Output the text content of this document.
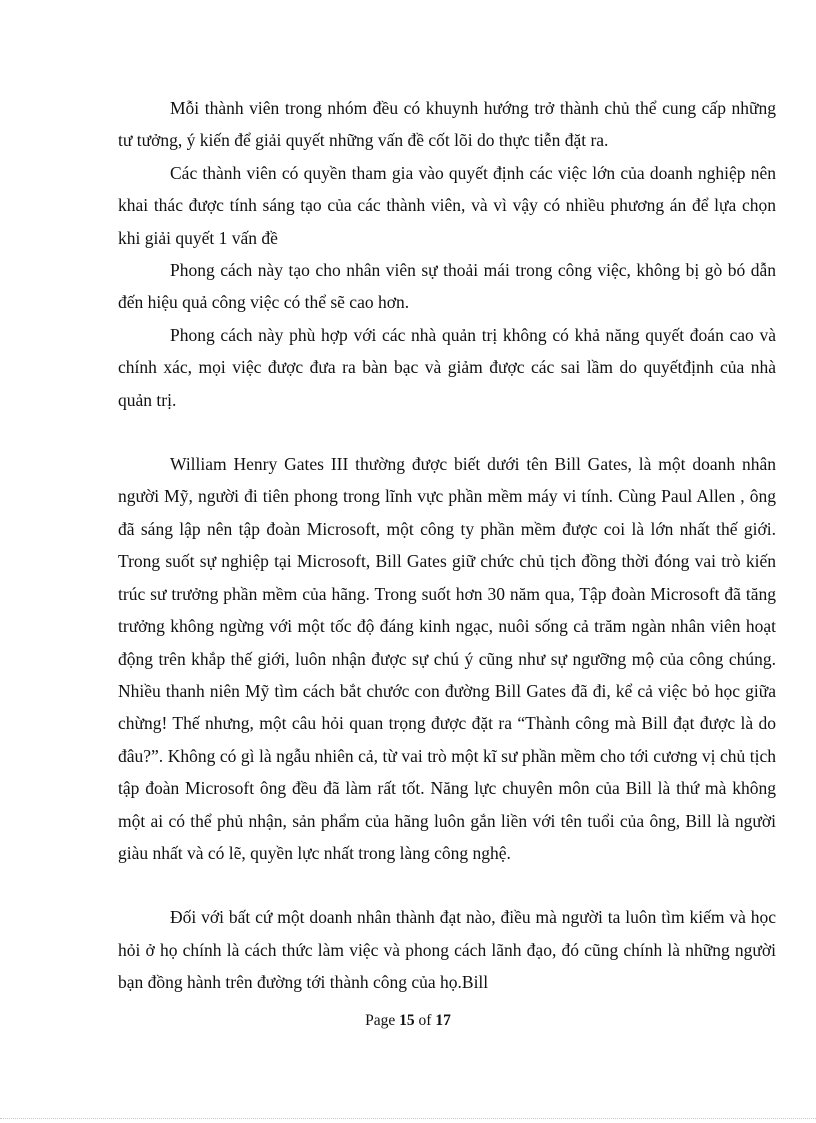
Mỗi thành viên trong nhóm đều có khuynh hướng trở thành chủ thể cung cấp những tư tưởng, ý kiến để giải quyết những vấn đề cốt lõi do thực tiễn đặt ra.

Các thành viên có quyền tham gia vào quyết định các việc lớn của doanh nghiệp nên khai thác được tính sáng tạo của các thành viên, và vì vậy có nhiều phương án để lựa chọn khi giải quyết 1 vấn đề

Phong cách này tạo cho nhân viên sự thoải mái trong công việc, không bị gò bó dẫn đến hiệu quả công việc có thể sẽ cao hơn.

Phong cách này phù hợp với các nhà quản trị không có khả năng quyết đoán cao và chính xác, mọi việc được đưa ra bàn bạc và giảm được các sai lầm do quyếtđịnh của nhà quản trị.

William Henry Gates III thường được biết dưới tên Bill Gates, là một doanh nhân người Mỹ, người đi tiên phong trong lĩnh vực phần mềm máy vi tính. Cùng Paul Allen , ông đã sáng lập nên tập đoàn Microsoft, một công ty phần mềm được coi là lớn nhất thế giới. Trong suốt sự nghiệp tại Microsoft, Bill Gates giữ chức chủ tịch đồng thời đóng vai trò kiến trúc sư trưởng phần mềm của hãng. Trong suốt hơn 30 năm qua, Tập đoàn Microsoft đã tăng trưởng không ngừng với một tốc độ đáng kinh ngạc, nuôi sống cả trăm ngàn nhân viên hoạt động trên khắp thế giới, luôn nhận được sự chú ý cũng như sự ngưỡng mộ của công chúng. Nhiều thanh niên Mỹ tìm cách bắt chước con đường Bill Gates đã đi, kể cả việc bỏ học giữa chừng! Thế nhưng, một câu hỏi quan trọng được đặt ra “Thành công mà Bill đạt được là do đâu?”. Không có gì là ngẫu nhiên cả, từ vai trò một kĩ sư phần mềm cho tới cương vị chủ tịch tập đoàn Microsoft ông đều đã làm rất tốt. Năng lực chuyên môn của Bill là thứ mà không một ai có thể phủ nhận, sản phẩm của hãng luôn gắn liền với tên tuổi của ông, Bill là người giàu nhất và có lẽ, quyền lực nhất trong làng công nghệ.

Đối với bất cứ một doanh nhân thành đạt nào, điều mà người ta luôn tìm kiếm và học hỏi ở họ chính là cách thức làm việc và phong cách lãnh đạo, đó cũng chính là những người bạn đồng hành trên đường tới thành công của họ.Bill

Page 15 of 17
